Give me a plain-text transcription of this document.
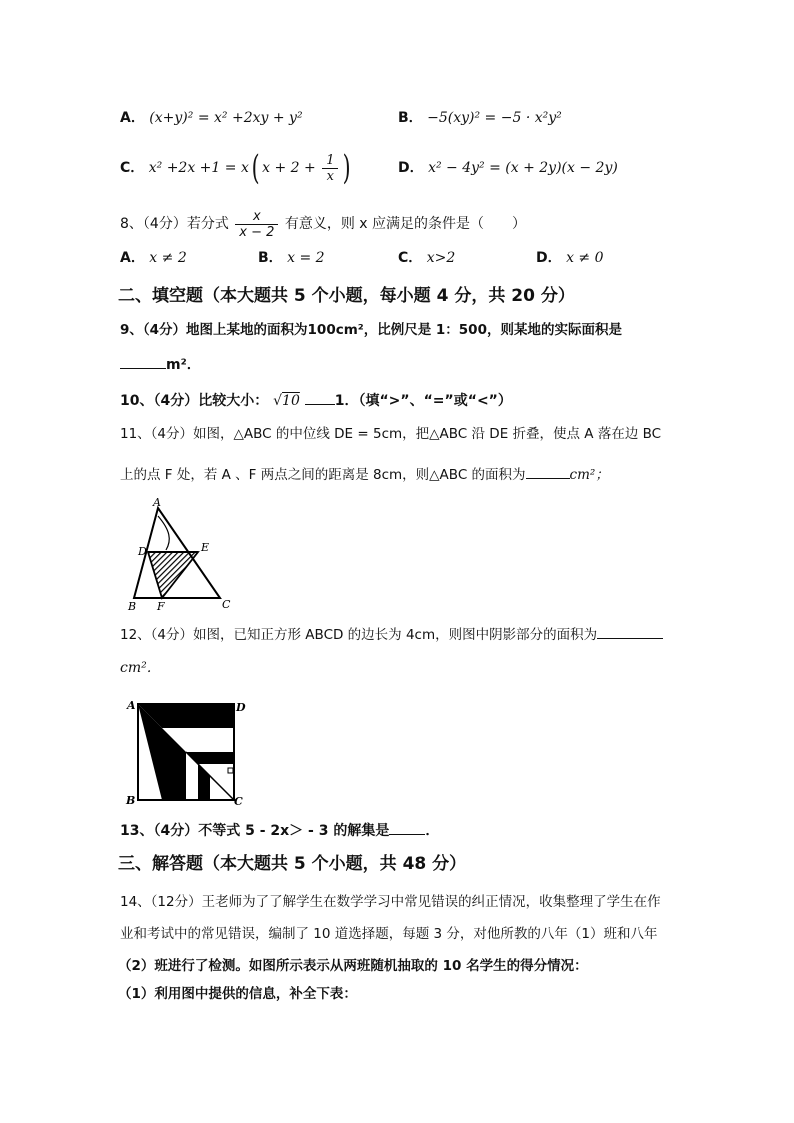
A． (x+y)² = x² +2xy + y²	B． −5(xy)² = −5 · x²y²
C． x² +2x +1 = x( $x + 2 + \frac{1}{x}$ )	D． x² − 4y² = (x + 2y)(x − 2y)
8、（4分）若分式 $\frac{x}{x - 2}$ 有意义，则 x 应满足的条件是（　　）
A． x ≠ 2	B． x = 2	C． x>2	D． x ≠ 0
二、填空题（本大题共 5 个小题，每小题 4 分，共 20 分）
9、（4分）地图上某地的面积为100cm²，比例尺是 1：500，则某地的实际面积是
m²．
10、（4分）比较大小： √10 1．（填“>”、“=”或“<”）
11、（4分）如图，△ABC 的中位线 DE = 5cm，把△ABC 沿 DE 折叠，使点 A 落在边 BC
上的点 F 处，若 A 、F 两点之间的距离是 8cm，则△ABC 的面积为	cm²；
A
D	E
B F	C
12、（4分）如图，已知正方形 ABCD 的边长为 4cm，则图中阴影部分的面积为
cm²．
A	D
B	C
13、（4分）不等式 5 - 2x＞ - 3 的解集是	．
三、解答题（本大题共 5 个小题，共 48 分）
14、（12分）王老师为了了解学生在数学学习中常见错误的纠正情况，收集整理了学生在作
业和考试中的常见错误，编制了 10 道选择题，每题 3 分，对他所教的八年（1）班和八年
（2）班进行了检测。如图所示表示从两班随机抽取的 10 名学生的得分情况：
（1）利用图中提供的信息，补全下表：
